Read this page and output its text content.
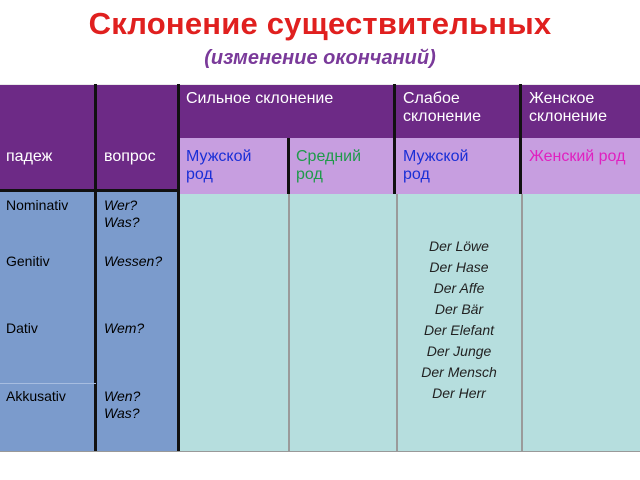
Склонение существительных
(изменение окончаний)
Сильное склонение	Слабое склонение
Женское склонение
падеж	вопрос Мужской род
Средний род
Мужской род
Женский род
Nominativ
Genitiv
Dativ
Akkusativ
Wer? Was?
Wessen?
Wem?
Wen? Was?
Der Löwe
Der Hase
Der Affe
Der Bär
Der Elefant
Der Junge
Der Mensch
Der Herr
